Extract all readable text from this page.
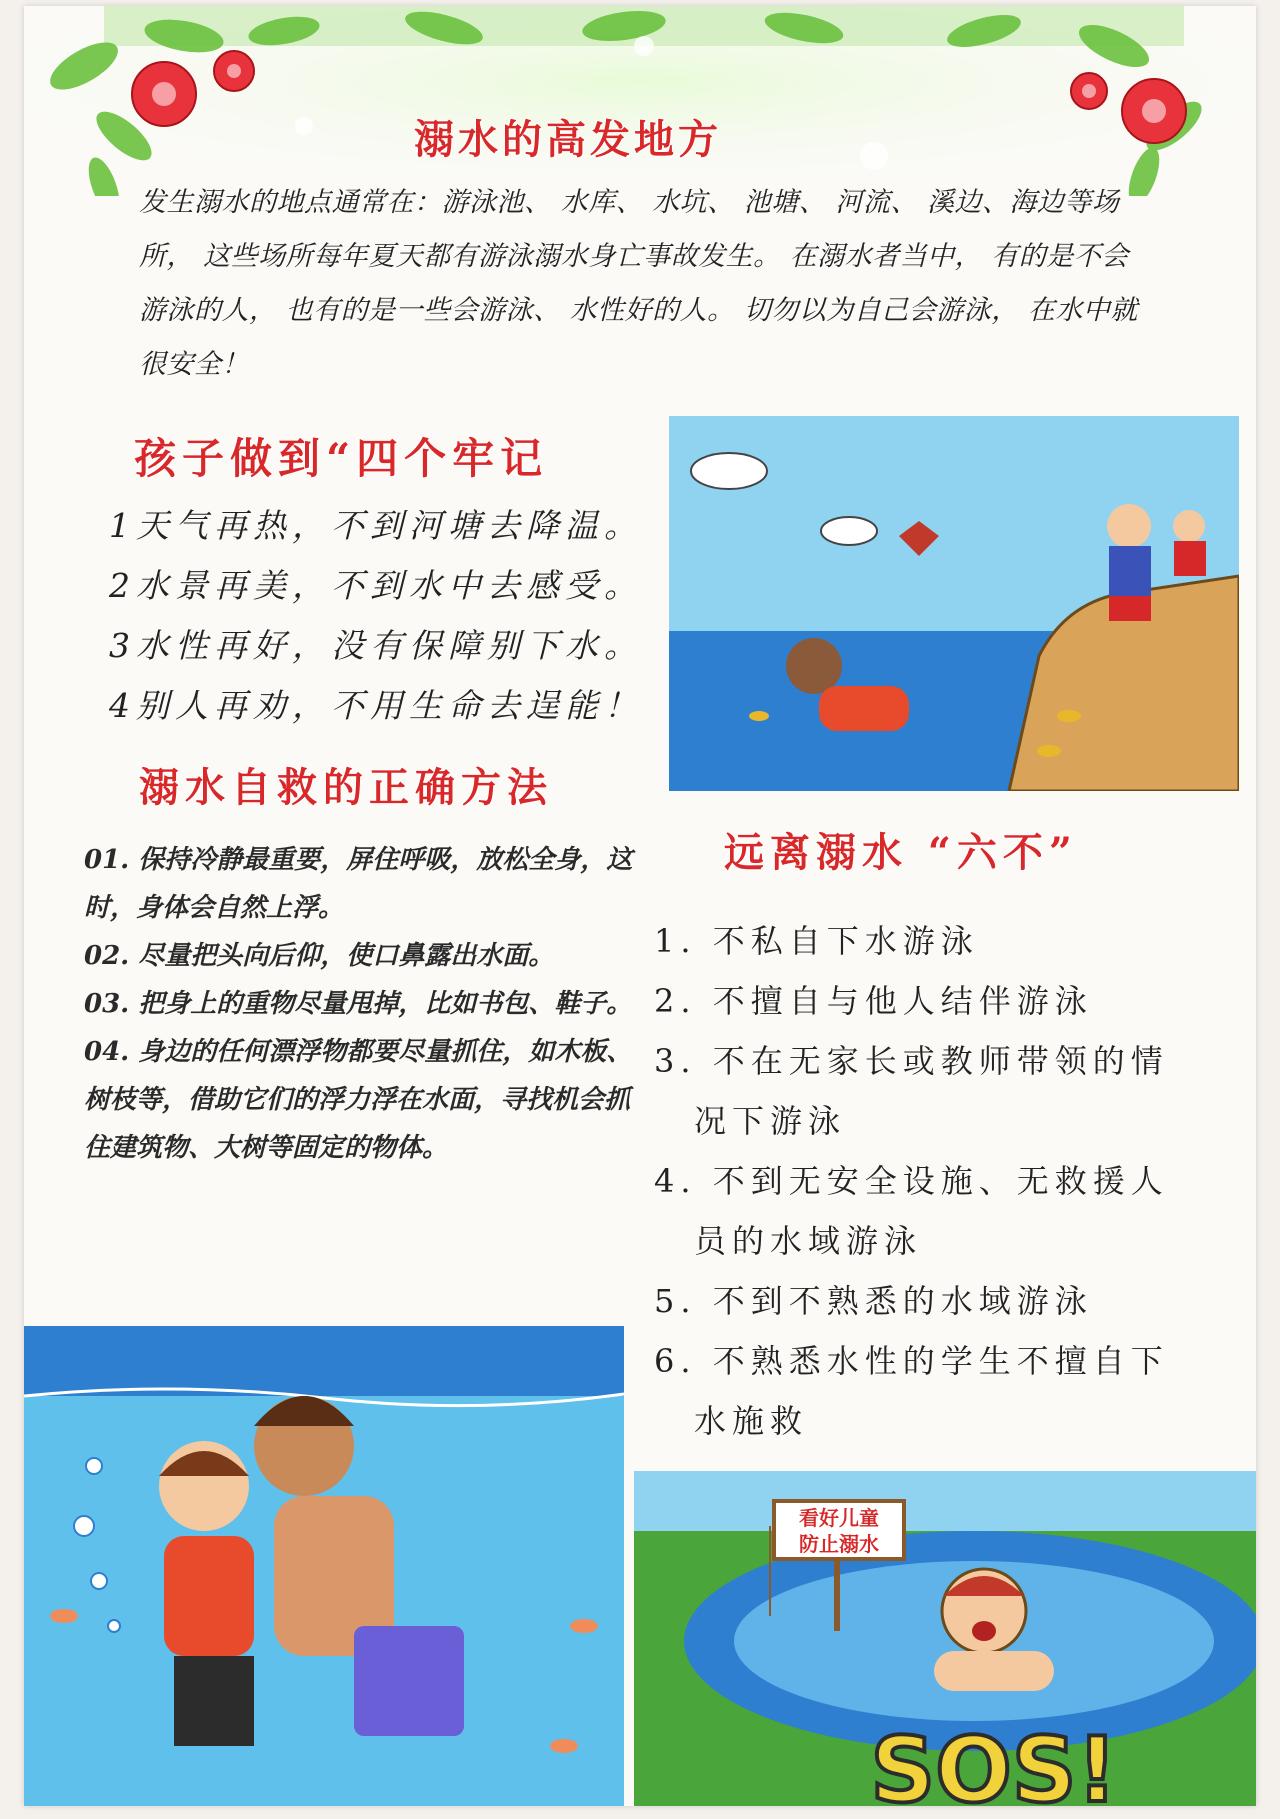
溺水的高发地方

发生溺水的地点通常在：游泳池、 水库、 水坑、 池塘、 河流、 溪边、海边等场所， 这些场所每年夏天都有游泳溺水身亡事故发生。 在溺水者当中， 有的是不会游泳的人， 也有的是一些会游泳、 水性好的人。 切勿以为自己会游泳， 在水中就很安全！

孩子做到“四个牢记
1天气再热，不到河塘去降温。
2水景再美，不到水中去感受。
3水性再好，没有保障别下水。
4别人再劝，不用生命去逞能！
溺水自救的正确方法
01. 保持冷静最重要，屏住呼吸，放松全身，这时，身体会自然上浮。
02. 尽量把头向后仰，使口鼻露出水面。
03. 把身上的重物尽量甩掉，比如书包、鞋子。
04. 身边的任何漂浮物都要尽量抓住，如木板、树枝等，借助它们的浮力浮在水面，寻找机会抓住建筑物、大树等固定的物体。
远离溺水 “六不”
1. 不私自下水游泳
2. 不擅自与他人结伴游泳
3. 不在无家长或教师带领的情况下游泳
4. 不到无安全设施、无救援人员的水域游泳
5. 不到不熟悉的水域游泳
6. 不熟悉水性的学生不擅自下水施救
看好儿童
防止溺水
SOS!
